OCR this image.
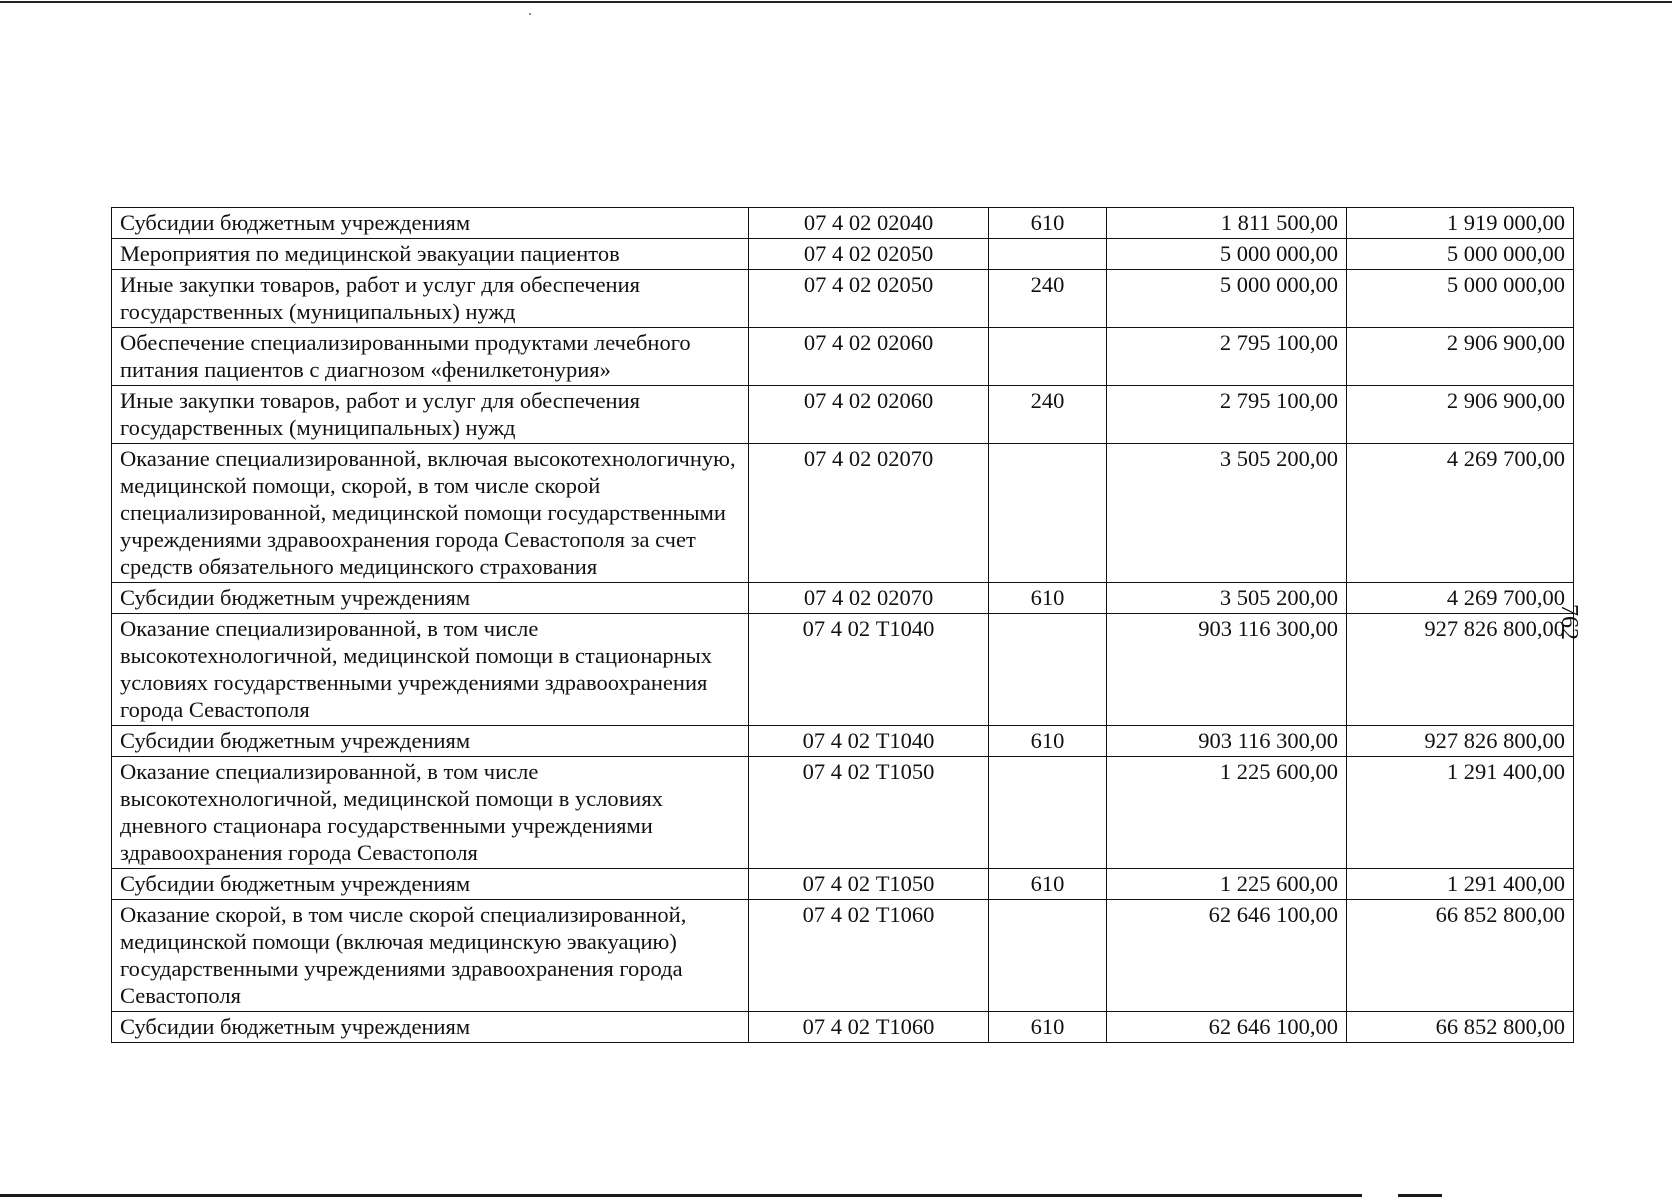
762
Субсидии бюджетным учреждениям	07 4 02 02040	610	1 811 500,00	1 919 000,00
Мероприятия по медицинской эвакуации пациентов	07 4 02 02050		5 000 000,00	5 000 000,00
Иные закупки товаров, работ и услуг для обеспечения государственных (муниципальных) нужд	07 4 02 02050	240	5 000 000,00	5 000 000,00
Обеспечение специализированными продуктами лечебного питания пациентов с диагнозом «фенилкетонурия»	07 4 02 02060		2 795 100,00	2 906 900,00
Иные закупки товаров, работ и услуг для обеспечения государственных (муниципальных) нужд	07 4 02 02060	240	2 795 100,00	2 906 900,00
Оказание специализированной, включая высокотехнологичную, медицинской помощи, скорой, в том числе скорой специализированной, медицинской помощи государственными учреждениями здравоохранения города Севастополя за счет средств обязательного медицинского страхования	07 4 02 02070		3 505 200,00	4 269 700,00
Субсидии бюджетным учреждениям	07 4 02 02070	610	3 505 200,00	4 269 700,00
Оказание специализированной, в том числе высокотехнологичной, медицинской помощи в стационарных условиях государственными учреждениями здравоохранения города Севастополя	07 4 02 Т1040		903 116 300,00	927 826 800,00
Субсидии бюджетным учреждениям	07 4 02 Т1040	610	903 116 300,00	927 826 800,00
Оказание специализированной, в том числе высокотехнологичной, медицинской помощи в условиях дневного стационара государственными учреждениями здравоохранения города Севастополя	07 4 02 Т1050		1 225 600,00	1 291 400,00
Субсидии бюджетным учреждениям	07 4 02 Т1050	610	1 225 600,00	1 291 400,00
Оказание скорой, в том числе скорой специализированной, медицинской помощи (включая медицинскую эвакуацию) государственными учреждениями здравоохранения города Севастополя	07 4 02 Т1060		62 646 100,00	66 852 800,00
Субсидии бюджетным учреждениям	07 4 02 Т1060	610	62 646 100,00	66 852 800,00
